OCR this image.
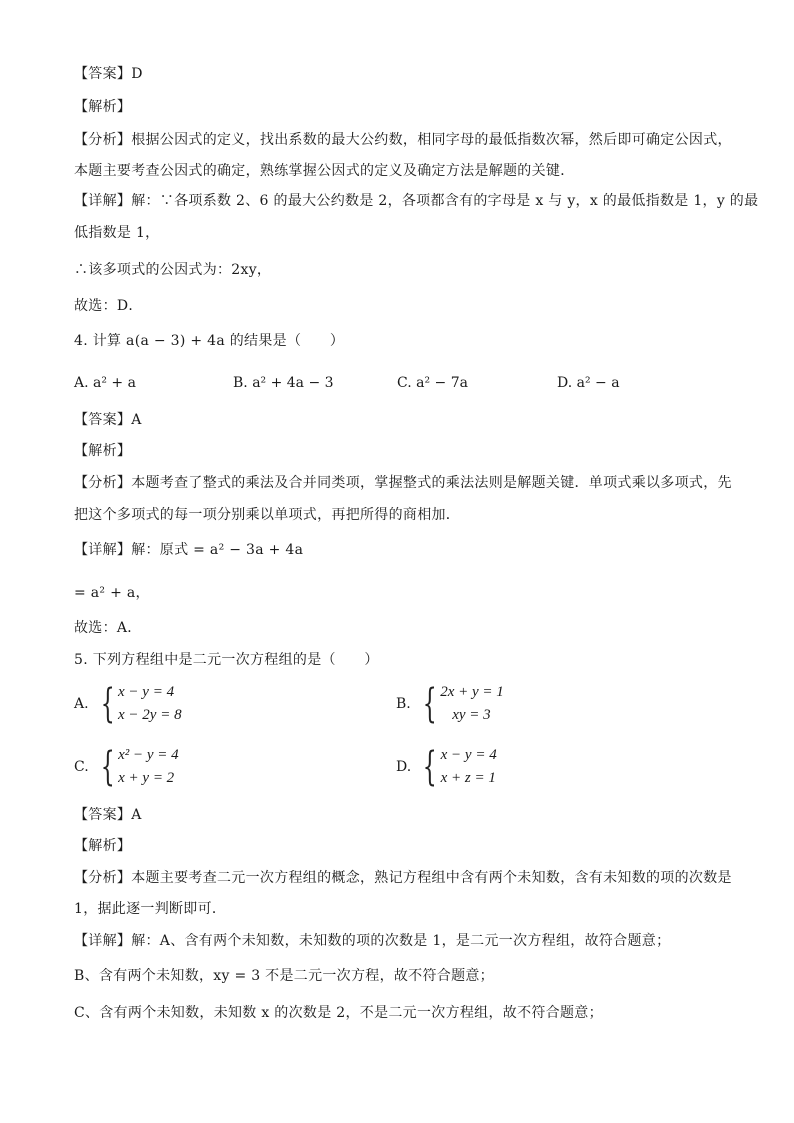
【答案】D
【解析】
【分析】根据公因式的定义，找出系数的最大公约数，相同字母的最低指数次幂，然后即可确定公因式，
本题主要考查公因式的确定，熟练掌握公因式的定义及确定方法是解题的关键．
【详解】解：∵各项系数 2、6 的最大公约数是 2，各项都含有的字母是 x 与 y，x 的最低指数是 1，y 的最
低指数是 1，
∴该多项式的公因式为：2xy，
故选：D．
4. 计算 a(a − 3) + 4a 的结果是（　　）
A. a² + a	B. a² + 4a − 3	C. a² − 7a	D. a² − a
【答案】A
【解析】
【分析】本题考查了整式的乘法及合并同类项，掌握整式的乘法法则是解题关键．单项式乘以多项式，先
把这个多项式的每一项分别乘以单项式，再把所得的商相加．
【详解】解：原式 = a² − 3a + 4a
= a² + a，
故选：A．
5. 下列方程组中是二元一次方程组的是（　　）
A. { x − y = 4
x − 2y = 8
B. { 2x + y = 1
xy = 3
C. { x² − y = 4
x + y = 2
D. { x − y = 4
x + z = 1
【答案】A
【解析】
【分析】本题主要考查二元一次方程组的概念，熟记方程组中含有两个未知数，含有未知数的项的次数是
1，据此逐一判断即可．
【详解】解：A、含有两个未知数，未知数的项的次数是 1，是二元一次方程组，故符合题意；
B、含有两个未知数，xy = 3 不是二元一次方程，故不符合题意；
C、含有两个未知数，未知数 x 的次数是 2，不是二元一次方程组，故不符合题意；
